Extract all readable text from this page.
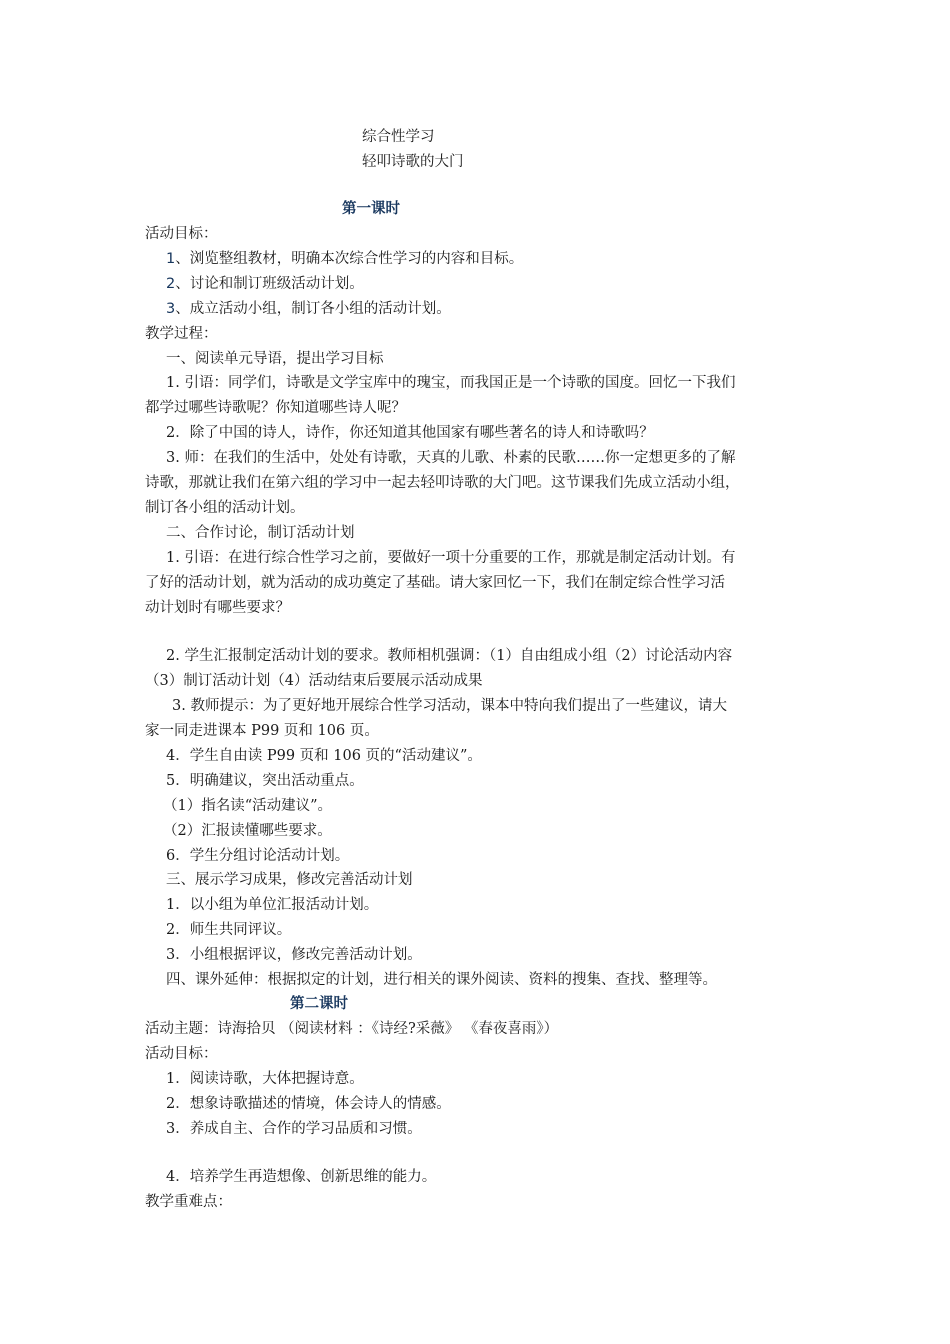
综合性学习
轻叩诗歌的大门
第一课时
活动目标：
1、浏览整组教材，明确本次综合性学习的内容和目标。
2、讨论和制订班级活动计划。
3、成立活动小组，制订各小组的活动计划。
教学过程：
一、阅读单元导语，提出学习目标
1. 引语：同学们，诗歌是文学宝库中的瑰宝，而我国正是一个诗歌的国度。回忆一下我们
都学过哪些诗歌呢？你知道哪些诗人呢？
2．除了中国的诗人，诗作，你还知道其他国家有哪些著名的诗人和诗歌吗？
3. 师：在我们的生活中，处处有诗歌，天真的儿歌、朴素的民歌……你一定想更多的了解
诗歌，那就让我们在第六组的学习中一起去轻叩诗歌的大门吧。这节课我们先成立活动小组，
制订各小组的活动计划。
二、合作讨论，制订活动计划
1. 引语：在进行综合性学习之前，要做好一项十分重要的工作，那就是制定活动计划。有
了好的活动计划，就为活动的成功奠定了基础。请大家回忆一下，我们在制定综合性学习活
动计划时有哪些要求？
2. 学生汇报制定活动计划的要求。教师相机强调：（1）自由组成小组（2）讨论活动内容
（3）制订活动计划（4）活动结束后要展示活动成果
3. 教师提示：为了更好地开展综合性学习活动，课本中特向我们提出了一些建议，请大
家一同走进课本 P99 页和 106 页。
4．学生自由读 P99 页和 106 页的“活动建议”。
5．明确建议，突出活动重点。
（1）指名读“活动建议”。
（2）汇报读懂哪些要求。
6．学生分组讨论活动计划。
三、展示学习成果，修改完善活动计划
1．以小组为单位汇报活动计划。
2．师生共同评议。
3．小组根据评议，修改完善活动计划。
四、课外延伸：根据拟定的计划，进行相关的课外阅读、资料的搜集、查找、整理等。
第二课时
活动主题：诗海拾贝 （阅读材料 ：《诗经?采薇》 《春夜喜雨》）
活动目标：
1．阅读诗歌，大体把握诗意。
2．想象诗歌描述的情境，体会诗人的情感。
3．养成自主、合作的学习品质和习惯。
4．培养学生再造想像、创新思维的能力。
教学重难点：
